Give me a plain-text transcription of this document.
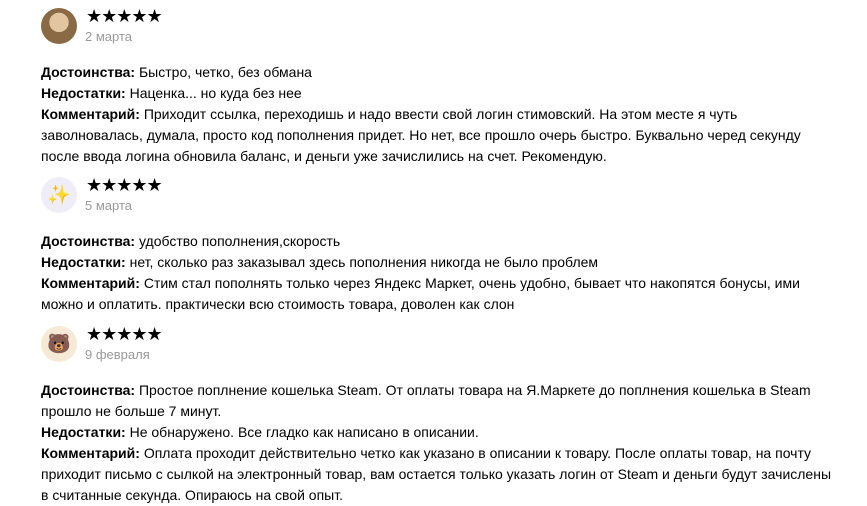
★★★★★
2 марта

Достоинства: Быстро, четко, без обмана

Недостатки: Наценка... но куда без нее

Комментарий: Приходит ссылка, переходишь и надо ввести свой логин стимовский. На этом месте я чуть заволновалась, думала, просто код пополнения придет. Но нет, все прошло очерь быстро. Буквально черед секунду после ввода логина обновила баланс, и деньги уже зачислились на счет. Рекомендую.

✨ ★★★★★
5 марта

Достоинства: удобство пополнения,скорость

Недостатки: нет, сколько раз заказывал здесь пополнения никогда не было проблем

Комментарий: Стим стал пополнять только через Яндекс Маркет, очень удобно, бывает что накопятся бонусы, ими можно и оплатить. практически всю стоимость товара, доволен как слон

🐻 ★★★★★
9 февраля

Достоинства: Простое поплнение кошелька Steam. От оплаты товара на Я.Маркете до поплнения кошелька в Steam прошло не больше 7 минут.

Недостатки: Не обнаружено. Все гладко как написано в описании.

Комментарий: Оплата проходит действительно четко как указано в описании к товару. После оплаты товар, на почту приходит письмо с сылкой на электронный товар, вам остается только указать логин от Steam и деньги будут зачислены в считанные секунда. Опираюсь на свой опыт.
